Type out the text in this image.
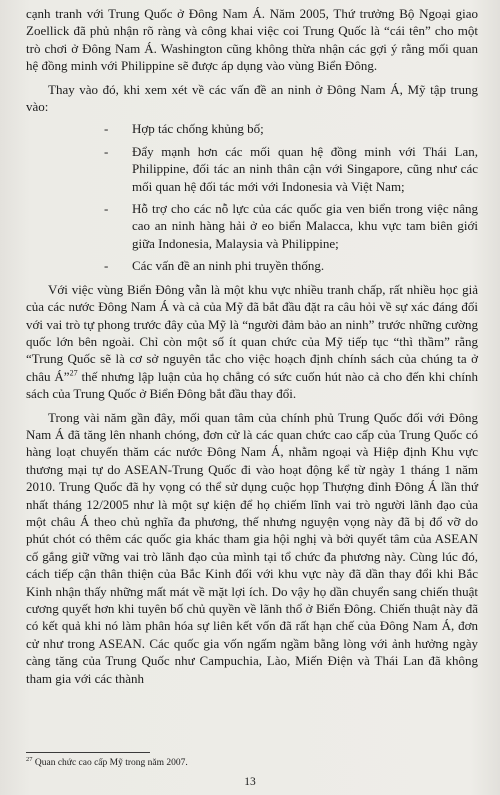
cạnh tranh với Trung Quốc ở Đông Nam Á. Năm 2005, Thứ trưởng Bộ Ngoại giao Zoellick đã phủ nhận rõ ràng và công khai việc coi Trung Quốc là “cái tên” cho một trò chơi ở Đông Nam Á. Washington cũng không thừa nhận các gợi ý rằng mối quan hệ đồng minh với Philippine sẽ được áp dụng vào vùng Biển Đông.

Thay vào đó, khi xem xét về các vấn đề an ninh ở Đông Nam Á, Mỹ tập trung vào:

- Hợp tác chống khủng bố;
- Đẩy mạnh hơn các mối quan hệ đồng minh với Thái Lan, Philippine, đối tác an ninh thân cận với Singapore, cũng như các mối quan hệ đối tác mới với Indonesia và Việt Nam;
- Hỗ trợ cho các nỗ lực của các quốc gia ven biển trong việc nâng cao an ninh hàng hải ở eo biển Malacca, khu vực tam biên giới giữa Indonesia, Malaysia và Philippine;
- Các vấn đề an ninh phi truyền thống.

Với việc vùng Biển Đông vẫn là một khu vực nhiều tranh chấp, rất nhiều học giả của các nước Đông Nam Á và cả của Mỹ đã bắt đầu đặt ra câu hỏi về sự xác đáng đối với vai trò tự phong trước đây của Mỹ là “người đảm bảo an ninh” trước những cường quốc lớn bên ngoài. Chỉ còn một số ít quan chức của Mỹ tiếp tục “thì thầm” rằng “Trung Quốc sẽ là cơ sở nguyên tắc cho việc hoạch định chính sách của chúng ta ở châu Á”$^{27}$ thế nhưng lập luận của họ chẳng có sức cuốn hút nào cả cho đến khi chính sách của Trung Quốc ở Biển Đông bắt đầu thay đổi.

Trong vài năm gần đây, mối quan tâm của chính phủ Trung Quốc đối với Đông Nam Á đã tăng lên nhanh chóng, đơn cử là các quan chức cao cấp của Trung Quốc có hàng loạt chuyến thăm các nước Đông Nam Á, nhằm ngoại và Hiệp định Khu vực thương mại tự do ASEAN-Trung Quốc đi vào hoạt động kể từ ngày 1 tháng 1 năm 2010. Trung Quốc đã hy vọng có thể sử dụng cuộc họp Thượng đỉnh Đông Á lần thứ nhất tháng 12/2005 như là một sự kiện để họ chiếm lĩnh vai trò người lãnh đạo của một châu Á theo chủ nghĩa đa phương, thế nhưng nguyện vọng này đã bị đổ vỡ do phút chót có thêm các quốc gia khác tham gia hội nghị và bởi quyết tâm của ASEAN cố gắng giữ vững vai trò lãnh đạo của mình tại tổ chức đa phương này. Cùng lúc đó, cách tiếp cận thân thiện của Bắc Kinh đối với khu vực này đã dần thay đổi khi Bắc Kinh nhận thấy những mất mát về mặt lợi ích. Do vậy họ dần chuyển sang chiến thuật cương quyết hơn khi tuyên bố chủ quyền về lãnh thổ ở Biển Đông. Chiến thuật này đã có kết quả khi nó làm phân hóa sự liên kết vốn đã rất hạn chế của Đông Nam Á, đơn cử như trong ASEAN. Các quốc gia vốn ngấm ngầm bằng lòng với ảnh hưởng ngày càng tăng của Trung Quốc như Campuchia, Lào, Miến Điện và Thái Lan đã không tham gia với các thành

$^{27}$ Quan chức cao cấp Mỹ trong năm 2007.
13
